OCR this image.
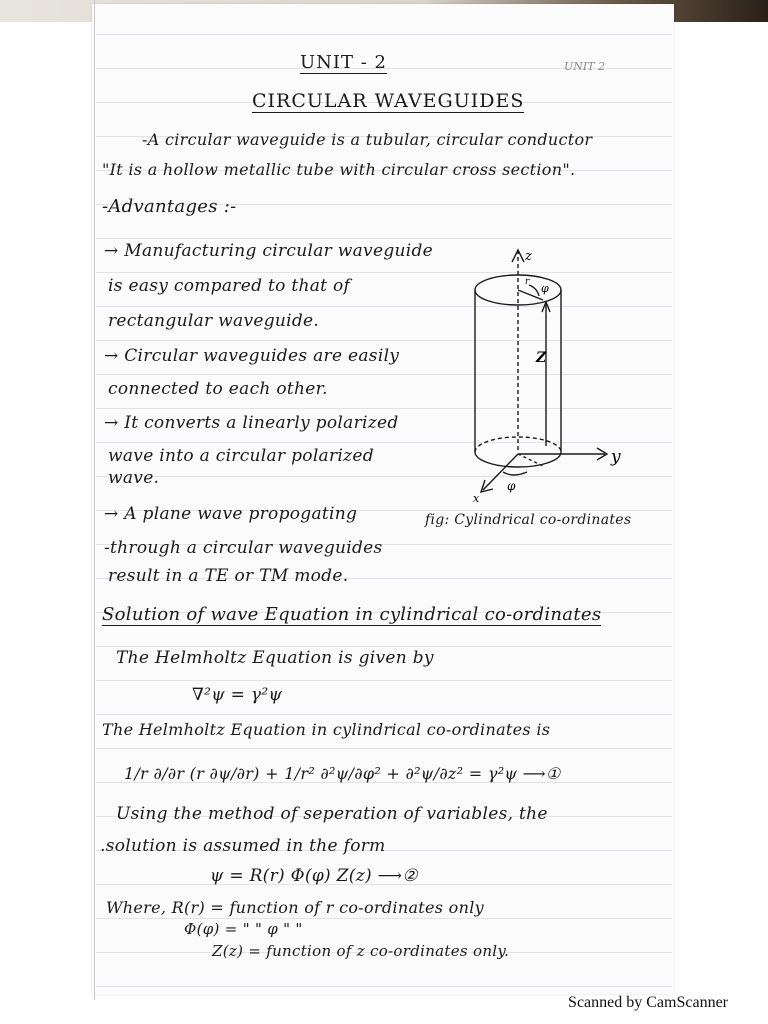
UNIT 2
UNIT - 2
CIRCULAR WAVEGUIDES
-A circular waveguide is a tubular, circular conductor
"It is a hollow metallic tube with circular cross section".
-Advantages :-
→ Manufacturing circular waveguide
is easy compared to that of
rectangular waveguide.
→ Circular waveguides are easily
connected to each other.
→ It converts a linearly polarized
wave into a circular polarized
wave.
→ A plane wave propogating
-through a circular waveguides
result in a TE or TM mode.
z
y
x
r φ
Z
φ
fig: Cylindrical co-ordinates
Solution of wave Equation in cylindrical co-ordinates
The Helmholtz Equation is given by
∇²ψ = γ²ψ
The Helmholtz Equation in cylindrical co-ordinates is
1/r ∂/∂r (r ∂ψ/∂r) + 1/r² ∂²ψ/∂φ² + ∂²ψ/∂z² = γ²ψ ⟶①
Using the method of seperation of variables, the
.solution is assumed in the form
ψ = R(r) Φ(φ) Z(z) ⟶②
Where, R(r) = function of r co-ordinates only
Φ(φ) = " " φ " "
Z(z) = function of z co-ordinates only.
Scanned by CamScanner
